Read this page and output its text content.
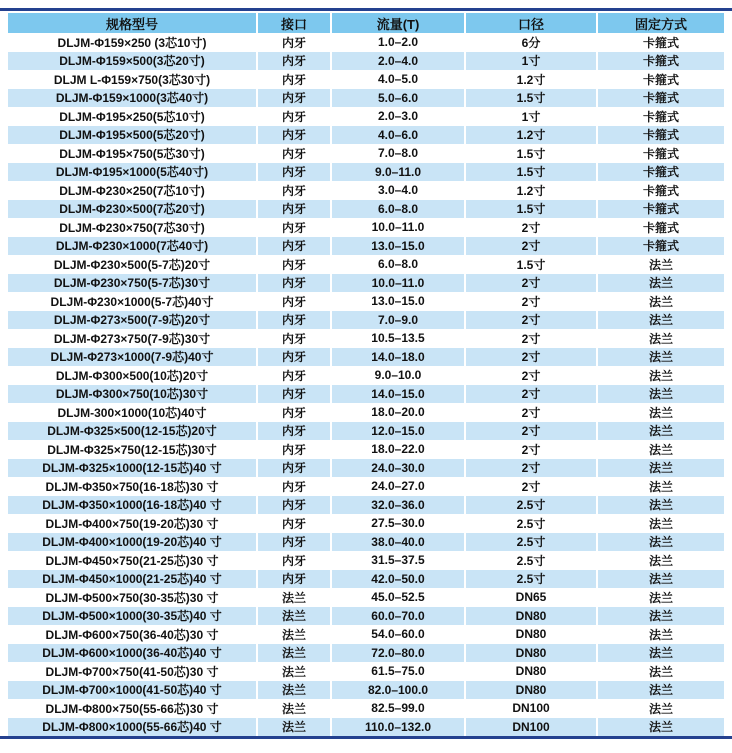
规格型号	接口	流量(T)	口径	固定方式
DLJM-Φ159×250 (3芯10寸)	内牙	1.0–2.0	6分	卡箍式
DLJM-Φ159×500(3芯20寸)	内牙	2.0–4.0	1寸	卡箍式
DLJM L-Φ159×750(3芯30寸)	内牙	4.0–5.0	1.2寸	卡箍式
DLJM-Φ159×1000(3芯40寸)	内牙	5.0–6.0	1.5寸	卡箍式
DLJM-Φ195×250(5芯10寸)	内牙	2.0–3.0	1寸	卡箍式
DLJM-Φ195×500(5芯20寸)	内牙	4.0–6.0	1.2寸	卡箍式
DLJM-Φ195×750(5芯30寸)	内牙	7.0–8.0	1.5寸	卡箍式
DLJM-Φ195×1000(5芯40寸)	内牙	9.0–11.0	1.5寸	卡箍式
DLJM-Φ230×250(7芯10寸)	内牙	3.0–4.0	1.2寸	卡箍式
DLJM-Φ230×500(7芯20寸)	内牙	6.0–8.0	1.5寸	卡箍式
DLJM-Φ230×750(7芯30寸)	内牙	10.0–11.0	2寸	卡箍式
DLJM-Φ230×1000(7芯40寸)	内牙	13.0–15.0	2寸	卡箍式
DLJM-Φ230×500(5-7芯)20寸	内牙	6.0–8.0	1.5寸	法兰
DLJM-Φ230×750(5-7芯)30寸	内牙	10.0–11.0	2寸	法兰
DLJM-Φ230×1000(5-7芯)40寸	内牙	13.0–15.0	2寸	法兰
DLJM-Φ273×500(7-9芯)20寸	内牙	7.0–9.0	2寸	法兰
DLJM-Φ273×750(7-9芯)30寸	内牙	10.5–13.5	2寸	法兰
DLJM-Φ273×1000(7-9芯)40寸	内牙	14.0–18.0	2寸	法兰
DLJM-Φ300×500(10芯)20寸	内牙	9.0–10.0	2寸	法兰
DLJM-Φ300×750(10芯)30寸	内牙	14.0–15.0	2寸	法兰
DLJM-300×1000(10芯)40寸	内牙	18.0–20.0	2寸	法兰
DLJM-Φ325×500(12-15芯)20寸	内牙	12.0–15.0	2寸	法兰
DLJM-Φ325×750(12-15芯)30寸	内牙	18.0–22.0	2寸	法兰
DLJM-Φ325×1000(12-15芯)40 寸	内牙	24.0–30.0	2寸	法兰
DLJM-Φ350×750(16-18芯)30 寸	内牙	24.0–27.0	2寸	法兰
DLJM-Φ350×1000(16-18芯)40 寸	内牙	32.0–36.0	2.5寸	法兰
DLJM-Φ400×750(19-20芯)30 寸	内牙	27.5–30.0	2.5寸	法兰
DLJM-Φ400×1000(19-20芯)40 寸	内牙	38.0–40.0	2.5寸	法兰
DLJM-Φ450×750(21-25芯)30 寸	内牙	31.5–37.5	2.5寸	法兰
DLJM-Φ450×1000(21-25芯)40 寸	内牙	42.0–50.0	2.5寸	法兰
DLJM-Φ500×750(30-35芯)30 寸	法兰	45.0–52.5	DN65	法兰
DLJM-Φ500×1000(30-35芯)40 寸	法兰	60.0–70.0	DN80	法兰
DLJM-Φ600×750(36-40芯)30 寸	法兰	54.0–60.0	DN80	法兰
DLJM-Φ600×1000(36-40芯)40 寸	法兰	72.0–80.0	DN80	法兰
DLJM-Φ700×750(41-50芯)30 寸	法兰	61.5–75.0	DN80	法兰
DLJM-Φ700×1000(41-50芯)40 寸	法兰	82.0–100.0	DN80	法兰
DLJM-Φ800×750(55-66芯)30 寸	法兰	82.5–99.0	DN100	法兰
DLJM-Φ800×1000(55-66芯)40 寸	法兰	110.0–132.0	DN100	法兰
